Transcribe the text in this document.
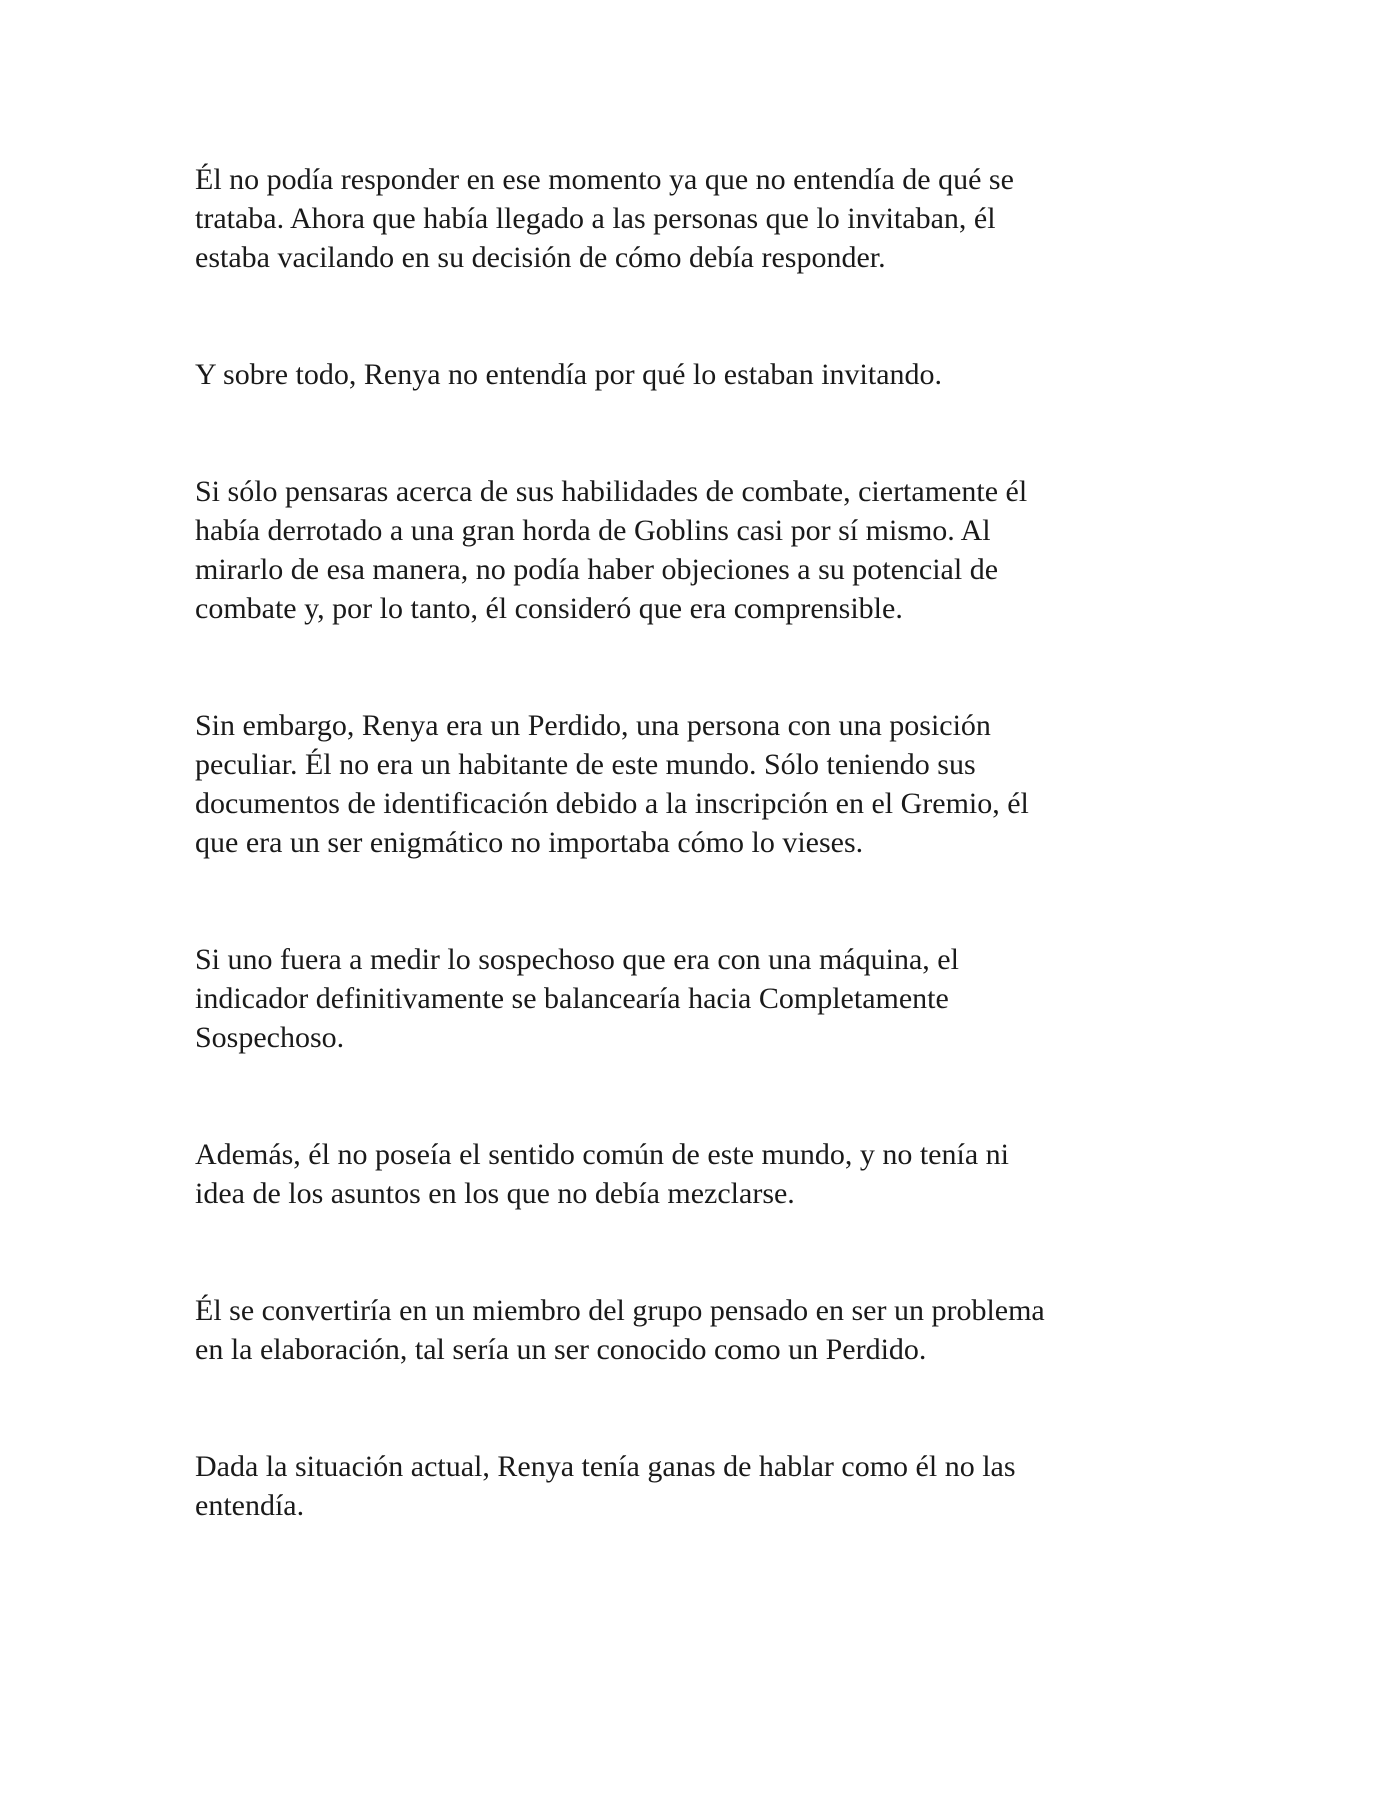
Él no podía responder en ese momento ya que no entendía de qué se
trataba. Ahora que había llegado a las personas que lo invitaban, él
estaba vacilando en su decisión de cómo debía responder.

Y sobre todo, Renya no entendía por qué lo estaban invitando.

Si sólo pensaras acerca de sus habilidades de combate, ciertamente él
había derrotado a una gran horda de Goblins casi por sí mismo. Al
mirarlo de esa manera, no podía haber objeciones a su potencial de
combate y, por lo tanto, él consideró que era comprensible.

Sin embargo, Renya era un Perdido, una persona con una posición
peculiar. Él no era un habitante de este mundo. Sólo teniendo sus
documentos de identificación debido a la inscripción en el Gremio, él
que era un ser enigmático no importaba cómo lo vieses.

Si uno fuera a medir lo sospechoso que era con una máquina, el
indicador definitivamente se balancearía hacia Completamente
Sospechoso.

Además, él no poseía el sentido común de este mundo, y no tenía ni
idea de los asuntos en los que no debía mezclarse.

Él se convertiría en un miembro del grupo pensado en ser un problema
en la elaboración, tal sería un ser conocido como un Perdido.

Dada la situación actual, Renya tenía ganas de hablar como él no las
entendía.
